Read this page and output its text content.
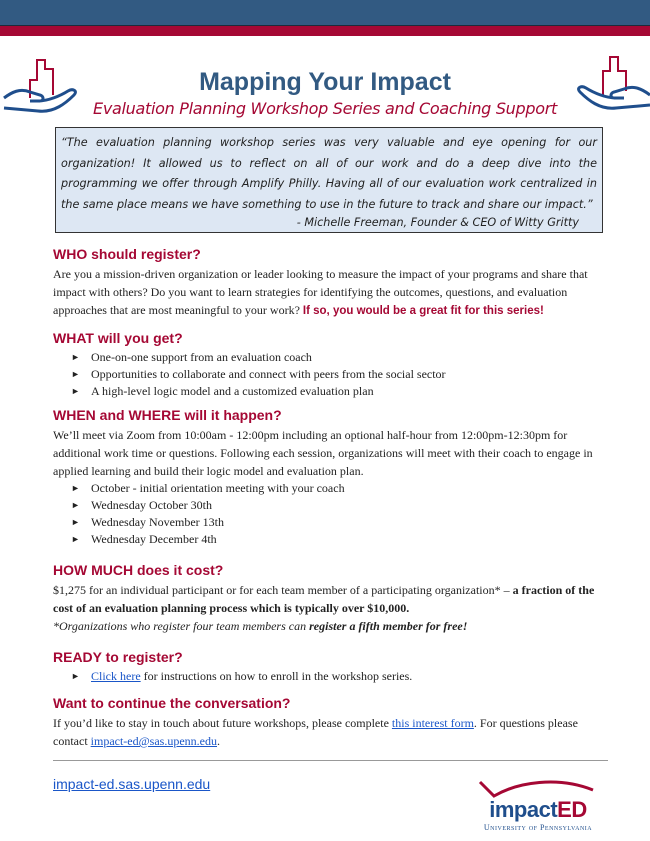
Mapping Your Impact
Evaluation Planning Workshop Series and Coaching Support
“The evaluation planning workshop series was very valuable and eye opening for our organization! It allowed us to reflect on all of our work and do a deep dive into the programming we offer through Amplify Philly. Having all of our evaluation work centralized in the same place means we have something to use in the future to track and share our impact.”
- Michelle Freeman, Founder & CEO of Witty Gritty
WHO should register?

Are you a mission-driven organization or leader looking to measure the impact of your programs and share that impact with others? Do you want to learn strategies for identifying the outcomes, questions, and evaluation approaches that are most meaningful to your work? If so, you would be a great fit for this series!

WHAT will you get?
► One-on-one support from an evaluation coach
► Opportunities to collaborate and connect with peers from the social sector
► A high-level logic model and a customized evaluation plan
WHEN and WHERE will it happen?

We’ll meet via Zoom from 10:00am - 12:00pm including an optional half-hour from 12:00pm-12:30pm for additional work time or questions. Following each session, organizations will meet with their coach to engage in applied learning and build their logic model and evaluation plan.

► October - initial orientation meeting with your coach
► Wednesday October 30th
► Wednesday November 13th
► Wednesday December 4th
HOW MUCH does it cost?

$1,275 for an individual participant or for each team member of a participating organization* – a fraction of the cost of an evaluation planning process which is typically over $10,000.

*Organizations who register four team members can register a fifth member for free!

READY to register?
► Click here for instructions on how to enroll in the workshop series.
Want to continue the conversation?

If you’d like to stay in touch about future workshops, please complete this interest form. For questions please contact impact-ed@sas.upenn.edu.

impact-ed.sas.upenn.edu
impactED
University of Pennsylvania
